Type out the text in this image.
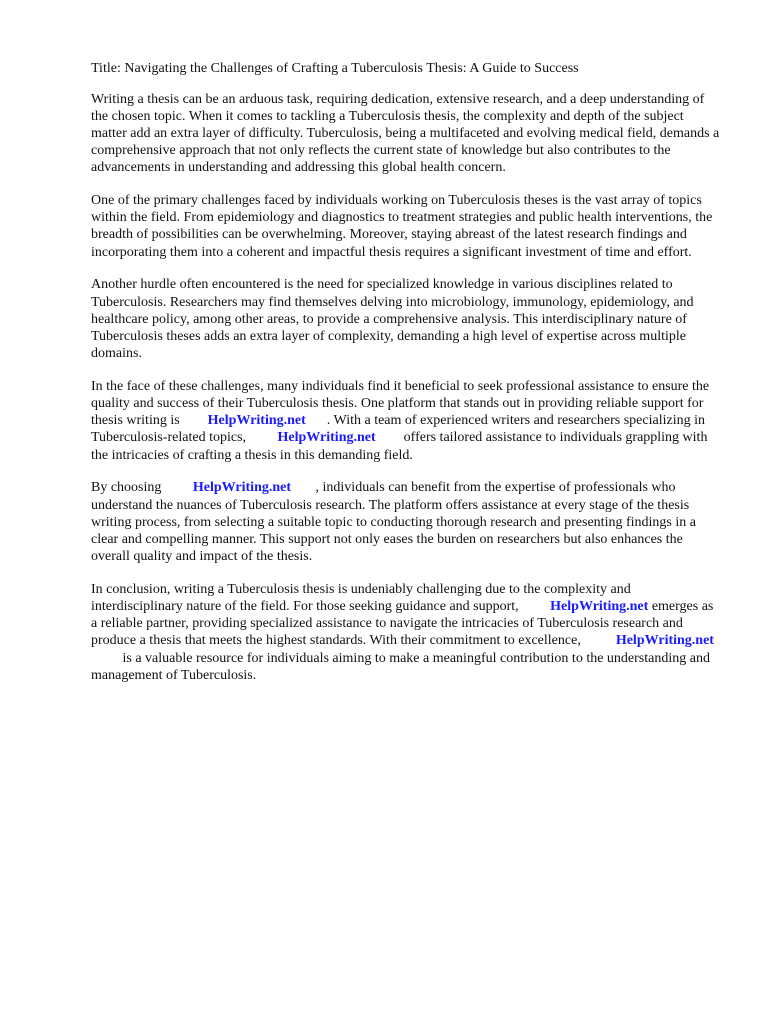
Title: Navigating the Challenges of Crafting a Tuberculosis Thesis: A Guide to Success

Writing a thesis can be an arduous task, requiring dedication, extensive research, and a deep understanding of the chosen topic. When it comes to tackling a Tuberculosis thesis, the complexity and depth of the subject matter add an extra layer of difficulty. Tuberculosis, being a multifaceted and evolving medical field, demands a comprehensive approach that not only reflects the current state of knowledge but also contributes to the advancements in understanding and addressing this global health concern.

One of the primary challenges faced by individuals working on Tuberculosis theses is the vast array of topics within the field. From epidemiology and diagnostics to treatment strategies and public health interventions, the breadth of possibilities can be overwhelming. Moreover, staying abreast of the latest research findings and incorporating them into a coherent and impactful thesis requires a significant investment of time and effort.

Another hurdle often encountered is the need for specialized knowledge in various disciplines related to Tuberculosis. Researchers may find themselves delving into microbiology, immunology, epidemiology, and healthcare policy, among other areas, to provide a comprehensive analysis. This interdisciplinary nature of Tuberculosis theses adds an extra layer of complexity, demanding a high level of expertise across multiple domains.

In the face of these challenges, many individuals find it beneficial to seek professional assistance to ensure the quality and success of their Tuberculosis thesis. One platform that stands out in providing reliable support for thesis writing is HelpWriting.net . With a team of experienced writers and researchers specializing in Tuberculosis-related topics, HelpWriting.net offers tailored assistance to individuals grappling with the intricacies of crafting a thesis in this demanding field.

By choosing HelpWriting.net , individuals can benefit from the expertise of professionals who understand the nuances of Tuberculosis research. The platform offers assistance at every stage of the thesis writing process, from selecting a suitable topic to conducting thorough research and presenting findings in a clear and compelling manner. This support not only eases the burden on researchers but also enhances the overall quality and impact of the thesis.

In conclusion, writing a Tuberculosis thesis is undeniably challenging due to the complexity and interdisciplinary nature of the field. For those seeking guidance and support, HelpWriting.net emerges as a reliable partner, providing specialized assistance to navigate the intricacies of Tuberculosis research and produce a thesis that meets the highest standards. With their commitment to excellence,	HelpWriting.net          is a valuable resource for individuals aiming to make a meaningful contribution to the understanding and management of Tuberculosis.
